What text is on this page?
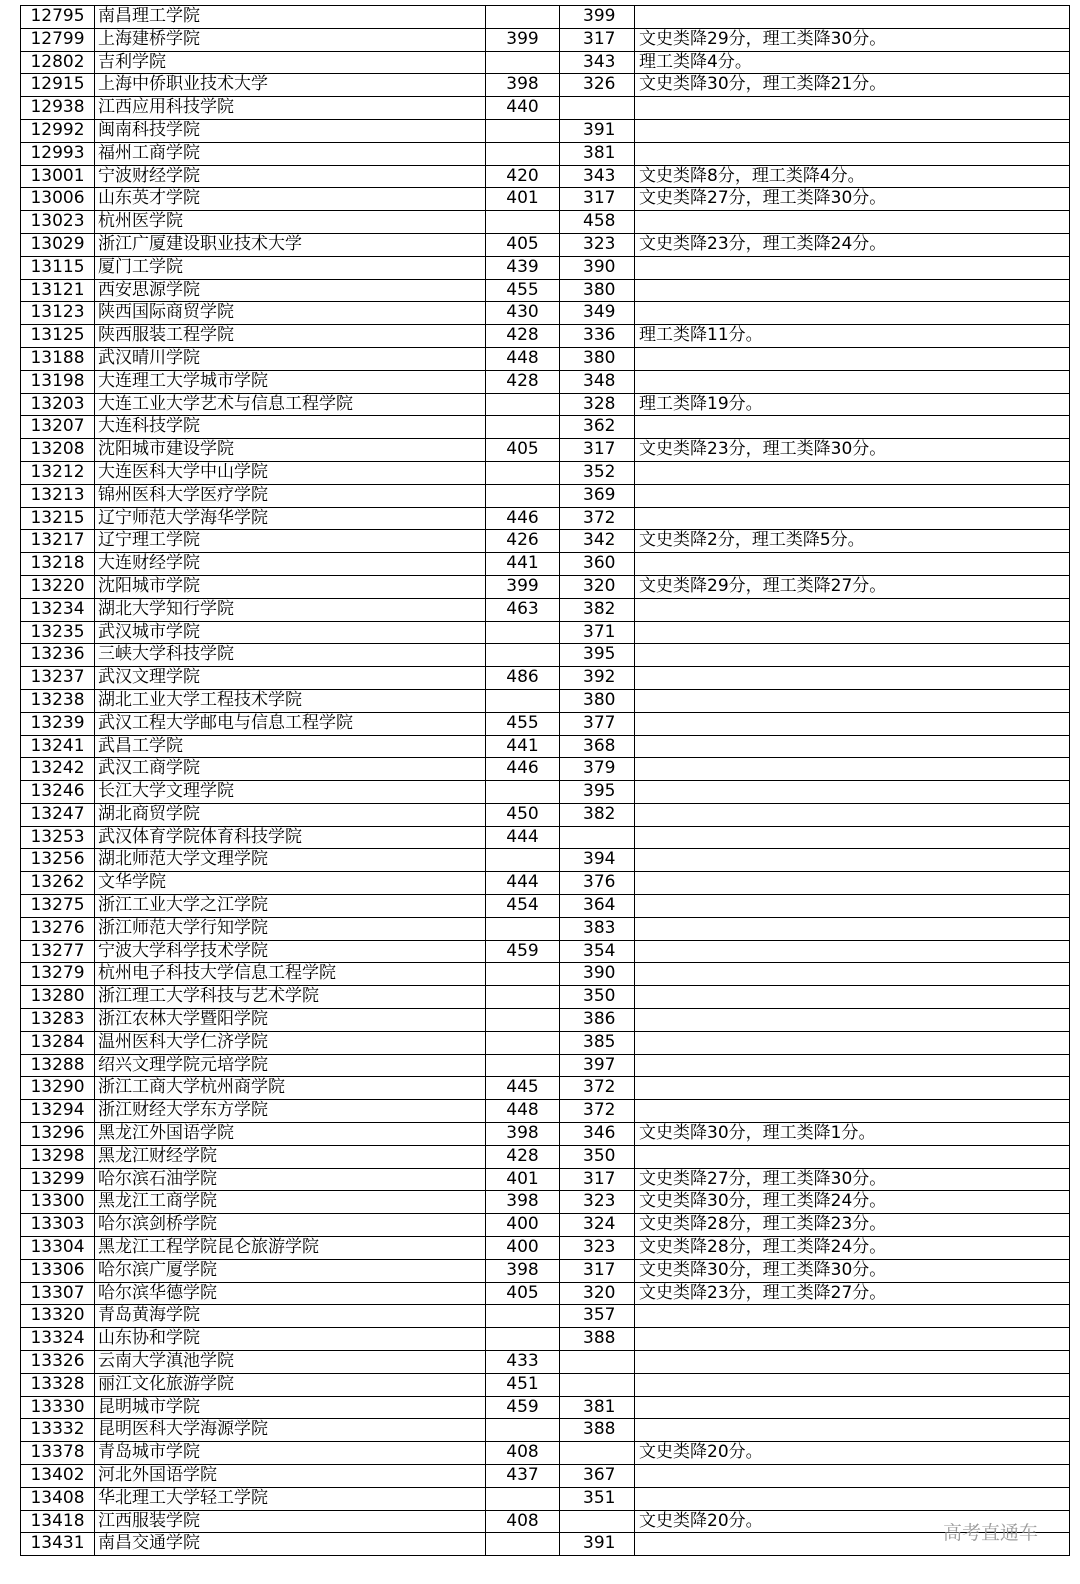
12795	南昌理工学院		399	
12799	上海建桥学院	399	317	文史类降29分，理工类降30分。
12802	吉利学院		343	理工类降4分。
12915	上海中侨职业技术大学	398	326	文史类降30分，理工类降21分。
12938	江西应用科技学院	440		
12992	闽南科技学院		391	
12993	福州工商学院		381	
13001	宁波财经学院	420	343	文史类降8分，理工类降4分。
13006	山东英才学院	401	317	文史类降27分，理工类降30分。
13023	杭州医学院		458	
13029	浙江广厦建设职业技术大学	405	323	文史类降23分，理工类降24分。
13115	厦门工学院	439	390	
13121	西安思源学院	455	380	
13123	陕西国际商贸学院	430	349	
13125	陕西服装工程学院	428	336	理工类降11分。
13188	武汉晴川学院	448	380	
13198	大连理工大学城市学院	428	348	
13203	大连工业大学艺术与信息工程学院		328	理工类降19分。
13207	大连科技学院		362	
13208	沈阳城市建设学院	405	317	文史类降23分，理工类降30分。
13212	大连医科大学中山学院		352	
13213	锦州医科大学医疗学院		369	
13215	辽宁师范大学海华学院	446	372	
13217	辽宁理工学院	426	342	文史类降2分，理工类降5分。
13218	大连财经学院	441	360	
13220	沈阳城市学院	399	320	文史类降29分，理工类降27分。
13234	湖北大学知行学院	463	382	
13235	武汉城市学院		371	
13236	三峡大学科技学院		395	
13237	武汉文理学院	486	392	
13238	湖北工业大学工程技术学院		380	
13239	武汉工程大学邮电与信息工程学院	455	377	
13241	武昌工学院	441	368	
13242	武汉工商学院	446	379	
13246	长江大学文理学院		395	
13247	湖北商贸学院	450	382	
13253	武汉体育学院体育科技学院	444		
13256	湖北师范大学文理学院		394	
13262	文华学院	444	376	
13275	浙江工业大学之江学院	454	364	
13276	浙江师范大学行知学院		383	
13277	宁波大学科学技术学院	459	354	
13279	杭州电子科技大学信息工程学院		390	
13280	浙江理工大学科技与艺术学院		350	
13283	浙江农林大学暨阳学院		386	
13284	温州医科大学仁济学院		385	
13288	绍兴文理学院元培学院		397	
13290	浙江工商大学杭州商学院	445	372	
13294	浙江财经大学东方学院	448	372	
13296	黑龙江外国语学院	398	346	文史类降30分，理工类降1分。
13298	黑龙江财经学院	428	350	
13299	哈尔滨石油学院	401	317	文史类降27分，理工类降30分。
13300	黑龙江工商学院	398	323	文史类降30分，理工类降24分。
13303	哈尔滨剑桥学院	400	324	文史类降28分，理工类降23分。
13304	黑龙江工程学院昆仑旅游学院	400	323	文史类降28分，理工类降24分。
13306	哈尔滨广厦学院	398	317	文史类降30分，理工类降30分。
13307	哈尔滨华德学院	405	320	文史类降23分，理工类降27分。
13320	青岛黄海学院		357	
13324	山东协和学院		388	
13326	云南大学滇池学院	433		
13328	丽江文化旅游学院	451		
13330	昆明城市学院	459	381	
13332	昆明医科大学海源学院		388	
13378	青岛城市学院	408		文史类降20分。
13402	河北外国语学院	437	367	
13408	华北理工大学轻工学院		351	
13418	江西服装学院	408		文史类降20分。
13431	南昌交通学院		391		高考直通车
